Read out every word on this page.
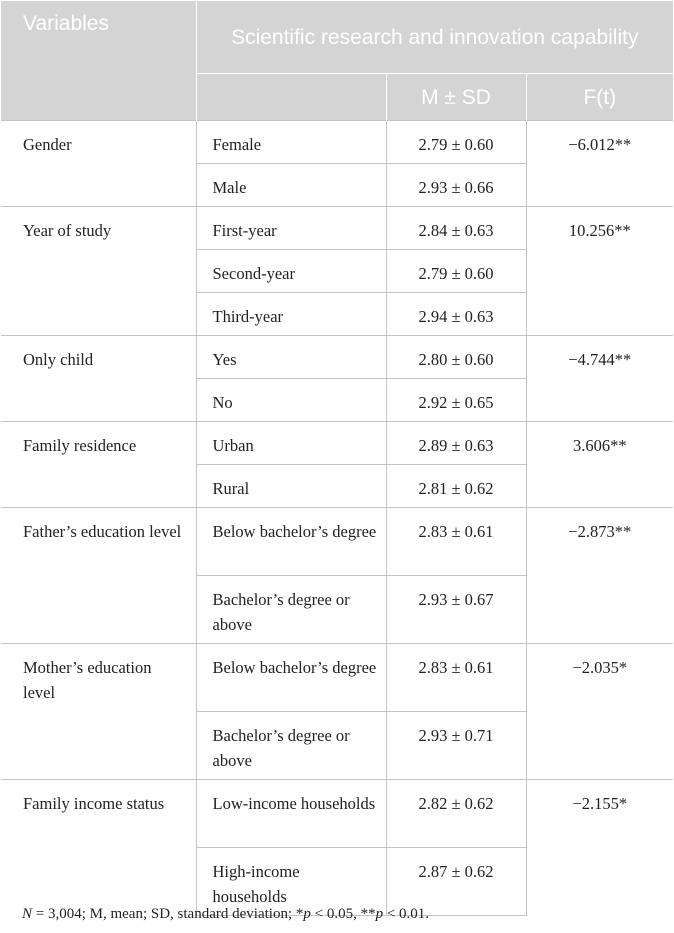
Variables	Scientific research and innovation capability		
		M ± SD	F(t)
Gender	Female	2.79 ± 0.60	−6.012**
	Male	2.93 ± 0.66	
Year of study	First-year	2.84 ± 0.63	10.256**
	Second-year	2.79 ± 0.60	
	Third-year	2.94 ± 0.63	
Only child	Yes	2.80 ± 0.60	−4.744**
	No	2.92 ± 0.65	
Family residence	Urban	2.89 ± 0.63	3.606**
	Rural	2.81 ± 0.62	
Father’s education level	Below bachelor’s degree	2.83 ± 0.61	−2.873**
	Bachelor’s degree or above	2.93 ± 0.67	
Mother’s education level	Below bachelor’s degree	2.83 ± 0.61	−2.035*
	Bachelor’s degree or above	2.93 ± 0.71	
Family income status	Low-income households	2.82 ± 0.62	−2.155*
	High-income households	2.87 ± 0.62	
N = 3,004; M, mean; SD, standard deviation; *p < 0.05, **p < 0.01.
